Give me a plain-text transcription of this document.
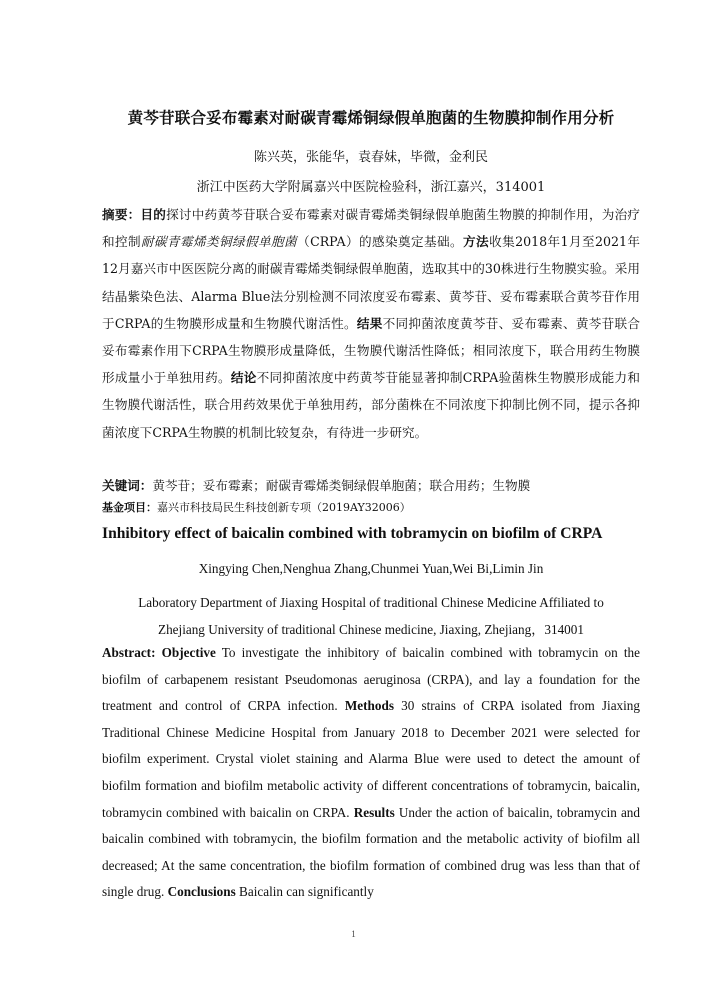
黄芩苷联合妥布霉素对耐碳青霉烯铜绿假单胞菌的生物膜抑制作用分析
陈兴英，张能华，袁春妹，毕微，金利民
浙江中医药大学附属嘉兴中医院检验科，浙江嘉兴，314001
摘要：目的探讨中药黄芩苷联合妥布霉素对碳青霉烯类铜绿假单胞菌生物膜的抑制作用，为治疗和控制耐碳青霉烯类铜绿假单胞菌（CRPA）的感染奠定基础。方法收集2018年1月至2021年12月嘉兴市中医医院分离的耐碳青霉烯类铜绿假单胞菌，选取其中的30株进行生物膜实验。采用结晶紫染色法、Alarma Blue法分别检测不同浓度妥布霉素、黄芩苷、妥布霉素联合黄芩苷作用于CRPA的生物膜形成量和生物膜代谢活性。结果不同抑菌浓度黄芩苷、妥布霉素、黄芩苷联合妥布霉素作用下CRPA生物膜形成量降低，生物膜代谢活性降低；相同浓度下，联合用药生物膜形成量小于单独用药。结论不同抑菌浓度中药黄芩苷能显著抑制CRPA验菌株生物膜形成能力和生物膜代谢活性，联合用药效果优于单独用药，部分菌株在不同浓度下抑制比例不同，提示各抑菌浓度下CRPA生物膜的机制比较复杂，有待进一步研究。
关键词：黄芩苷；妥布霉素；耐碳青霉烯类铜绿假单胞菌；联合用药；生物膜
基金项目：嘉兴市科技局民生科技创新专项（2019AY32006）
Inhibitory effect of baicalin combined with tobramycin on biofilm of CRPA
Xingying Chen,Nenghua Zhang,Chunmei Yuan,Wei Bi,Limin Jin
Laboratory Department of Jiaxing Hospital of traditional Chinese Medicine Affiliated to
Zhejiang University of traditional Chinese medicine, Jiaxing, Zhejiang，314001
Abstract: Objective To investigate the inhibitory of baicalin combined with tobramycin on the biofilm of carbapenem resistant Pseudomonas aeruginosa (CRPA), and lay a foundation for the treatment and control of CRPA infection. Methods 30 strains of CRPA isolated from Jiaxing Traditional Chinese Medicine Hospital from January 2018 to December 2021 were selected for biofilm experiment. Crystal violet staining and Alarma Blue were used to detect the amount of biofilm formation and biofilm metabolic activity of different concentrations of tobramycin, baicalin, tobramycin combined with baicalin on CRPA. Results Under the action of baicalin, tobramycin and baicalin combined with tobramycin, the biofilm formation and the metabolic activity of biofilm all decreased; At the same concentration, the biofilm formation of combined drug was less than that of single drug. Conclusions Baicalin can significantly
1
